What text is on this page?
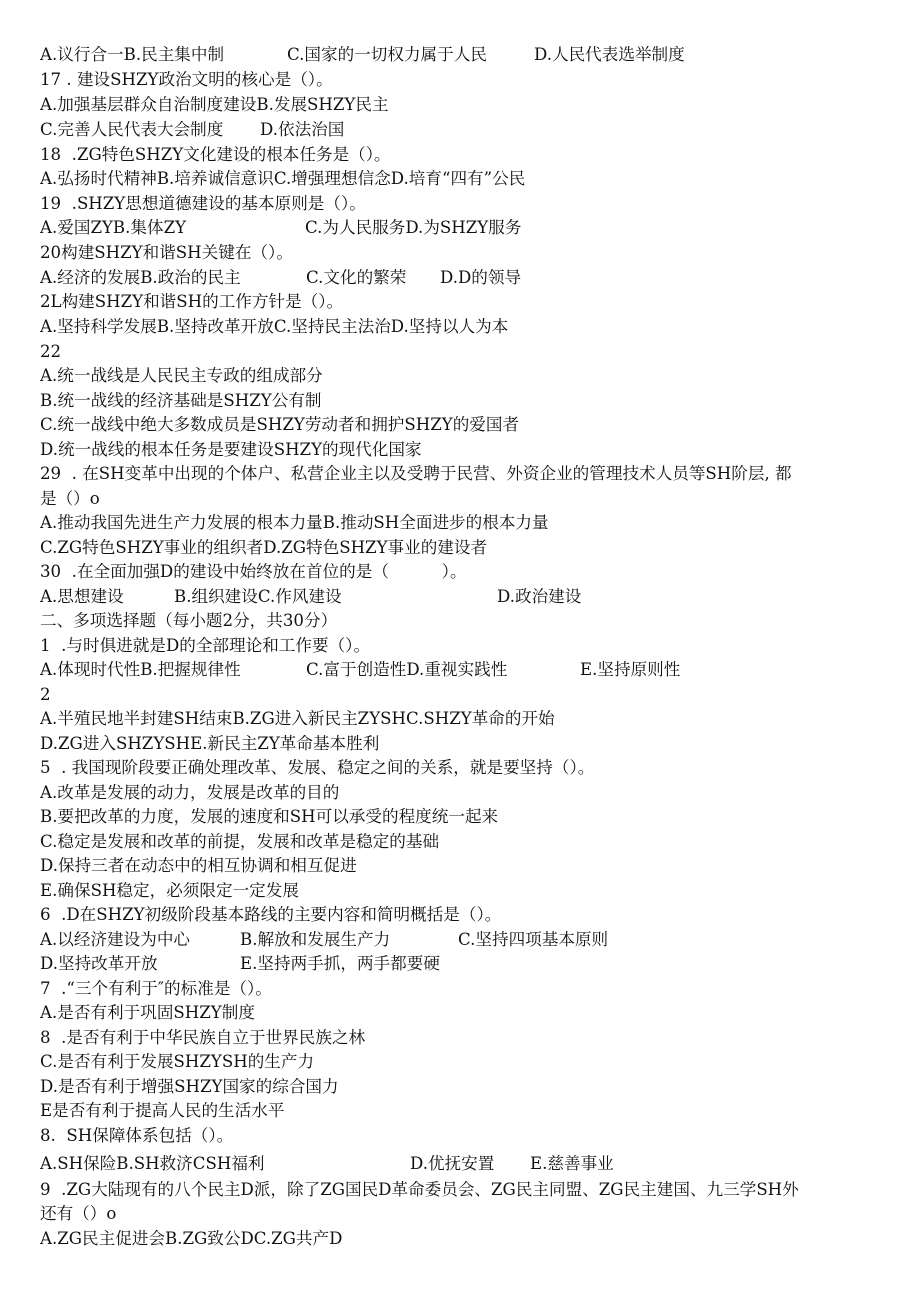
A.议行合一B.民主集中制	C.国家的一切权力属于人民	D.人民代表选举制度
17 . 建设SHZY政治文明的核心是（）。
A.加强基层群众自治制度建设B.发展SHZY民主
C.完善人民代表大会制度 D.依法治国
18  .ZG特色SHZY文化建设的根本任务是（）。
A.弘扬时代精神B.培养诚信意识C.增强理想信念D.培育“四有”公民
19  .SHZY思想道德建设的基本原则是（）。
A.爱国ZYB.集体ZY	C.为人民服务D.为SHZY服务
20构建SHZY和谐SH关键在（）。
A.经济的发展B.政治的民主	C.文化的繁荣 D.D的领导
2L构建SHZY和谐SH的工作方针是（）。
A.坚持科学发展B.坚持改革开放C.坚持民主法治D.坚持以人为本
22
A.统一战线是人民民主专政的组成部分
B.统一战线的经济基础是SHZY公有制
C.统一战线中绝大多数成员是SHZY劳动者和拥护SHZY的爱国者
D.统一战线的根本任务是要建设SHZY的现代化国家
29  . 在SH变革中出现的个体户、私营企业主以及受聘于民营、外资企业的管理技术人员等SH阶层, 都
是（）o
A.推动我国先进生产力发展的根本力量B.推动SH全面进步的根本力量
C.ZG特色SHZY事业的组织者D.ZG特色SHZY事业的建设者
30  .在全面加强D的建设中始终放在首位的是（          ）。
A.思想建设	B.组织建设C.作风建设	D.政治建设
二、多项选择题（每小题2分，共30分）
1  .与时俱进就是D的全部理论和工作要（）。
A.体现时代性B.把握规律性	C.富于创造性D.重视实践性	E.坚持原则性
2
A.半殖民地半封建SH结束B.ZG进入新民主ZYSHC.SHZY革命的开始
D.ZG进入SHZYSHE.新民主ZY革命基本胜利
5  . 我国现阶段要正确处理改革、发展、稳定之间的关系，就是要坚持（）。
A.改革是发展的动力，发展是改革的目的
B.要把改革的力度，发展的速度和SH可以承受的程度统一起来
C.稳定是发展和改革的前提，发展和改革是稳定的基础
D.保持三者在动态中的相互协调和相互促进
E.确保SH稳定，必须限定一定发展
6  .D在SHZY初级阶段基本路线的主要内容和简明概括是（）。
A.以经济建设为中心	B.解放和发展生产力	C.坚持四项基本原则
D.坚持改革开放	E.坚持两手抓，两手都要硬
7  .“三个有利于″的标准是（）。
A.是否有利于巩固SHZY制度
8  .是否有利于中华民族自立于世界民族之林
C.是否有利于发展SHZYSH的生产力
D.是否有利于增强SHZY国家的综合国力
E是否有利于提高人民的生活水平
8.  SH保障体系包括（）。
A.SH保险B.SH救济CSH福利	D.优抚安置 E.慈善事业
9  .ZG大陆现有的八个民主D派，除了ZG国民D革命委员会、ZG民主同盟、ZG民主建国、九三学SH外
还有（）o
A.ZG民主促进会B.ZG致公DC.ZG共产D
